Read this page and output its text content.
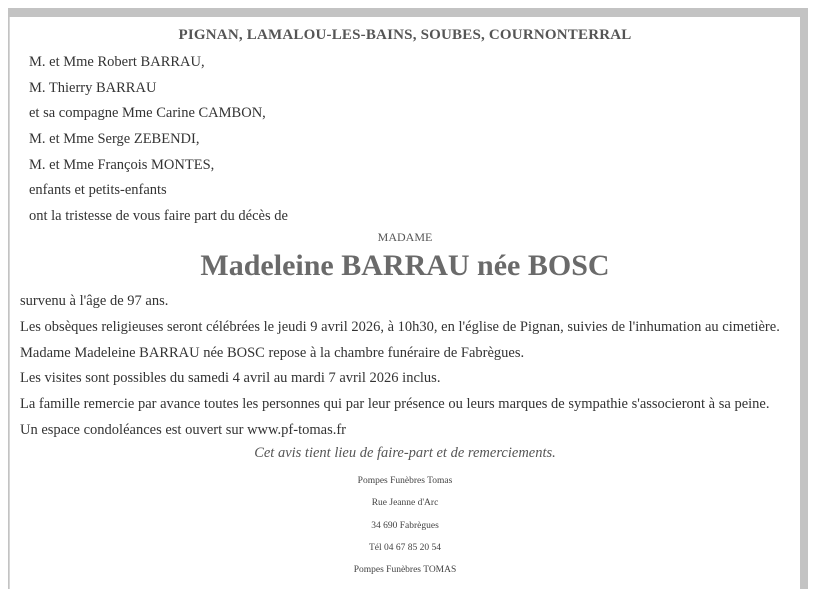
PIGNAN, LAMALOU-LES-BAINS, SOUBES, COURNONTERRAL
M. et Mme Robert BARRAU,
M. Thierry BARRAU
et sa compagne Mme Carine CAMBON,
M. et Mme Serge ZEBENDI,
M. et Mme François MONTES,
enfants et petits-enfants
ont la tristesse de vous faire part du décès de
MADAME
Madeleine BARRAU née BOSC
survenu à l'âge de 97 ans.
Les obsèques religieuses seront célébrées le jeudi 9 avril 2026, à 10h30, en l'église de Pignan, suivies de l'inhumation au cimetière.
Madame Madeleine BARRAU née BOSC repose à la chambre funéraire de Fabrègues.
Les visites sont possibles du samedi 4 avril au mardi 7 avril 2026 inclus.
La famille remercie par avance toutes les personnes qui par leur présence ou leurs marques de sympathie s'associeront à sa peine.
Un espace condoléances est ouvert sur www.pf-tomas.fr
Cet avis tient lieu de faire-part et de remerciements.
Pompes Funèbres Tomas
Rue Jeanne d'Arc
34 690 Fabrègues
Tél 04 67 85 20 54
Pompes Funèbres TOMAS
